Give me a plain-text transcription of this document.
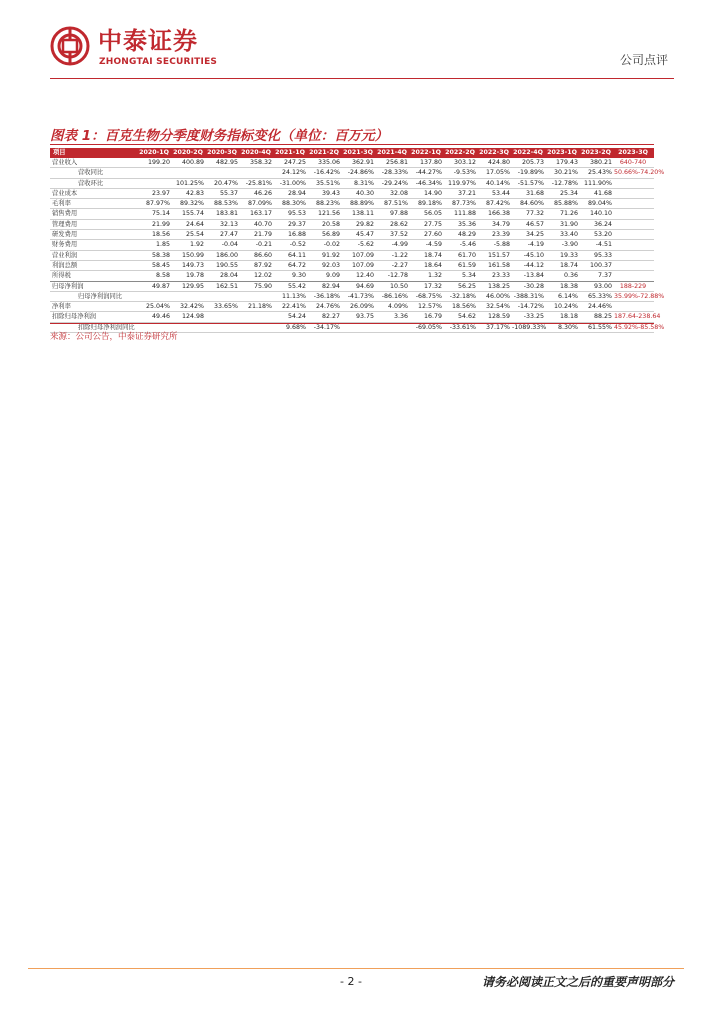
中泰证券
ZHONGTAI SECURITIES	公司点评
图表 1：百克生物分季度财务指标变化（单位：百万元）
项目	2020-1Q	2020-2Q	2020-3Q	2020-4Q	2021-1Q	2021-2Q	2021-3Q	2021-4Q	2022-1Q	2022-2Q	2022-3Q	2022-4Q	2023-1Q	2023-2Q	2023-3Q
营业收入	199.20	400.89	482.95	358.32	247.25	335.06	362.91	256.81	137.80	303.12	424.80	205.73	179.43	380.21	640-740
营收同比					24.12%	-16.42%	-24.86%	-28.33%	-44.27%	-9.53%	17.05%	-19.89%	30.21%	25.43%	50.66%-74.20%
营收环比		101.25%	20.47%	-25.81%	-31.00%	35.51%	8.31%	-29.24%	-46.34%	119.97%	40.14%	-51.57%	-12.78%	111.90%	
营业成本	23.97	42.83	55.37	46.26	28.94	39.43	40.30	32.08	14.90	37.21	53.44	31.68	25.34	41.68	
毛利率	87.97%	89.32%	88.53%	87.09%	88.30%	88.23%	88.89%	87.51%	89.18%	87.73%	87.42%	84.60%	85.88%	89.04%	
销售费用	75.14	155.74	183.81	163.17	95.53	121.56	138.11	97.88	56.05	111.88	166.38	77.32	71.26	140.10	
管理费用	21.99	24.64	32.13	40.70	29.37	20.58	29.82	28.62	27.75	35.36	34.79	46.57	31.90	36.24	
研发费用	18.56	25.54	27.47	21.79	16.88	56.89	45.47	37.52	27.60	48.29	23.39	34.25	33.40	53.20	
财务费用	1.85	1.92	-0.04	-0.21	-0.52	-0.02	-5.62	-4.99	-4.59	-5.46	-5.88	-4.19	-3.90	-4.51	
营业利润	58.38	150.99	186.00	86.60	64.11	91.92	107.09	-1.22	18.74	61.70	151.57	-45.10	19.33	95.33	
利润总额	58.45	149.73	190.55	87.92	64.72	92.03	107.09	-2.27	18.64	61.59	161.58	-44.12	18.74	100.37	
所得税	8.58	19.78	28.04	12.02	9.30	9.09	12.40	-12.78	1.32	5.34	23.33	-13.84	0.36	7.37	
归母净利润	49.87	129.95	162.51	75.90	55.42	82.94	94.69	10.50	17.32	56.25	138.25	-30.28	18.38	93.00	188-229
归母净利润同比					11.13%	-36.18%	-41.73%	-86.16%	-68.75%	-32.18%	46.00%	-388.31%	6.14%	65.33%	35.99%-72.88%
净利率	25.04%	32.42%	33.65%	21.18%	22.41%	24.76%	26.09%	4.09%	12.57%	18.56%	32.54%	-14.72%	10.24%	24.46%	
扣除归母净利润	49.46	124.98			54.24	82.27	93.75	3.36	16.79	54.62	128.59	-33.25	18.18	88.25	187.64-238.64
扣除归母净利润同比					9.68%	-34.17%			-69.05%	-33.61%	37.17%	-1089.33%	8.30%	61.55%	45.92%-85.58%
来源：公司公告，中泰证券研究所
- 2 -	请务必阅读正文之后的重要声明部分
